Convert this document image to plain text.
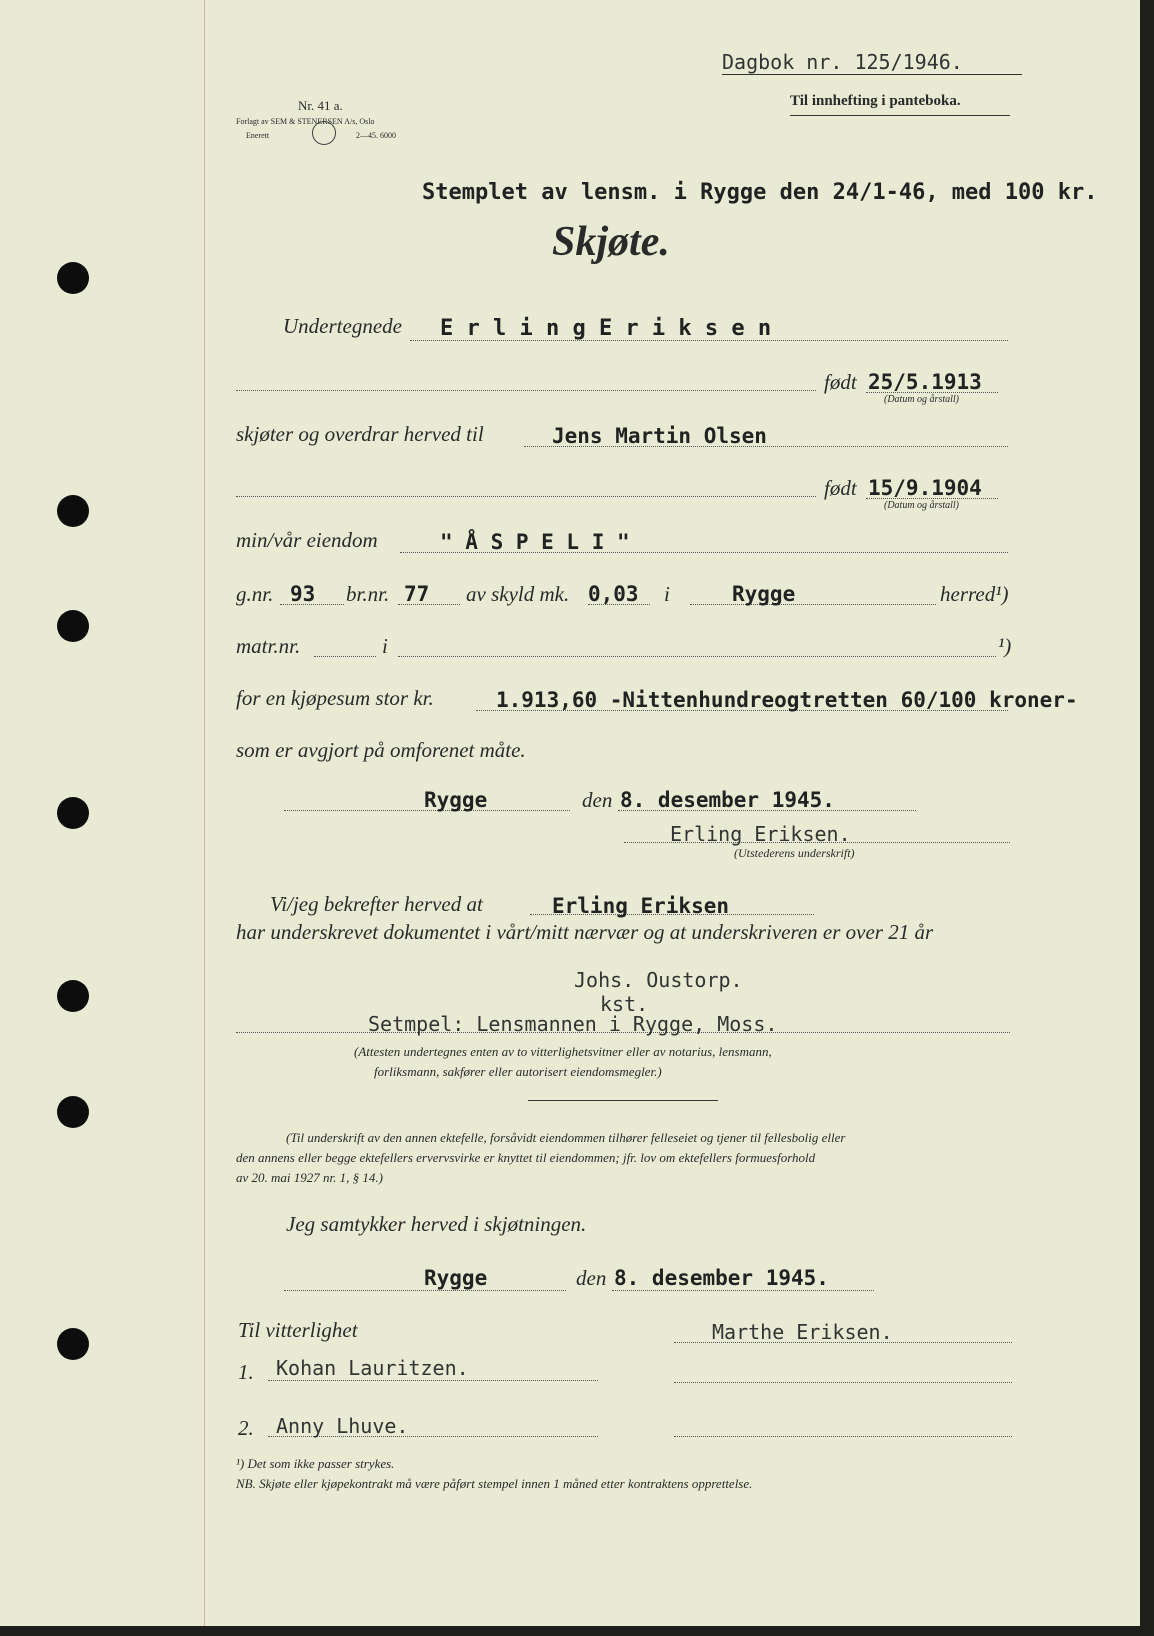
Dagbok nr. 125/1946.
Til innhefting i panteboka.
Nr. 41 a.
Forlagt av SEM & STENERSEN A/s, Oslo
Enerett	2—45. 6000
Stemplet av lensm. i Rygge den 24/1-46, med 100 kr.
Skjøte.
Undertegnede E r l i n g E r i k s e n
født 25/5.1913
(Datum og årstall)
skjøter og overdrar herved til	Jens Martin Olsen
født 15/9.1904
(Datum og årstall)
min/vår eiendom	" Å S P E L I "
g.nr. 93 br.nr. 77 av skyld mk. 0,03 i	Rygge	herred¹)
matr.nr.	i	¹)
for en kjøpesum stor kr.	1.913,60 -Nittenhundreogtretten 60/100 kroner-
som er avgjort på omforenet måte.
Rygge	den 8. desember 1945.
Erling Eriksen.
(Utstederens underskrift)
Vi/jeg bekrefter herved at	Erling Eriksen
har underskrevet dokumentet i vårt/mitt nærvær og at underskriveren er over 21 år
Johs. Oustorp.
kst.
Setmpel: Lensmannen i Rygge, Moss.
(Attesten undertegnes enten av to vitterlighetsvitner eller av notarius, lensmann,
forliksmann, sakfører eller autorisert eiendomsmegler.)
(Til underskrift av den annen ektefelle, forsåvidt eiendommen tilhører felleseiet og tjener til fellesbolig eller
den annens eller begge ektefellers ervervsvirke er knyttet til eiendommen; jfr. lov om ektefellers formuesforhold
av 20. mai 1927 nr. 1, § 14.)
Jeg samtykker herved i skjøtningen.
Rygge	den 8. desember 1945.
Til vitterlighet	Marthe Eriksen.
1. Kohan Lauritzen.
2. Anny Lhuve.
¹) Det som ikke passer strykes.
NB. Skjøte eller kjøpekontrakt må være påført stempel innen 1 måned etter kontraktens opprettelse.
